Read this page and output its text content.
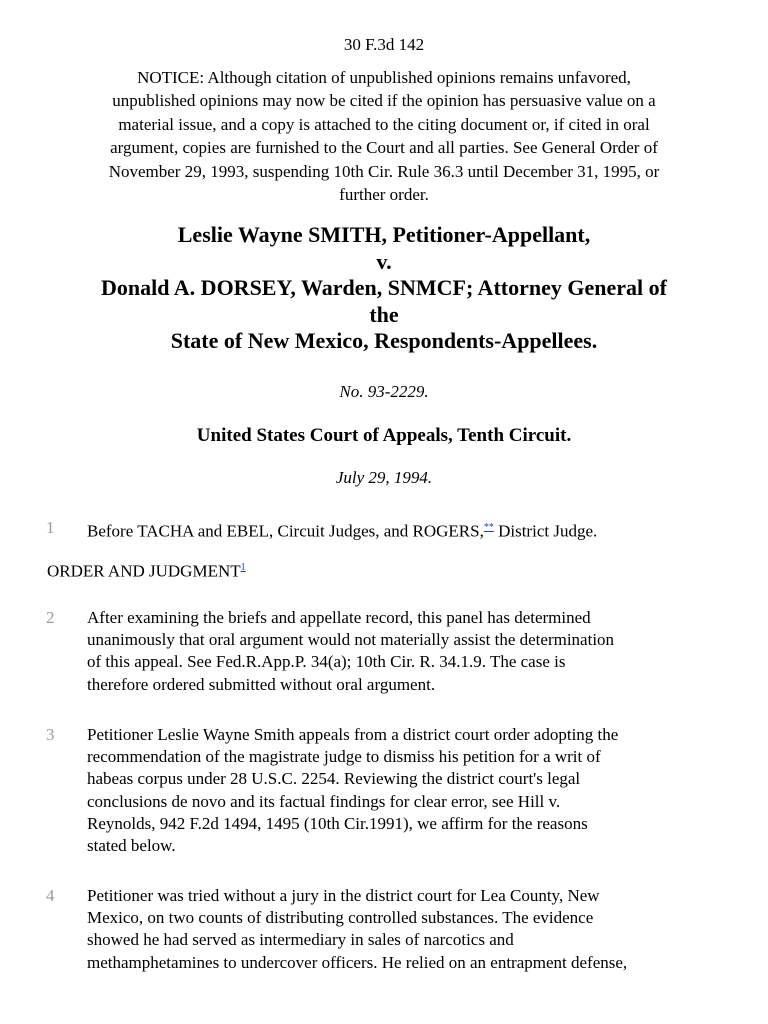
30 F.3d 142
NOTICE: Although citation of unpublished opinions remains unfavored,
unpublished opinions may now be cited if the opinion has persuasive value on a
material issue, and a copy is attached to the citing document or, if cited in oral
argument, copies are furnished to the Court and all parties. See General Order of
November 29, 1993, suspending 10th Cir. Rule 36.3 until December 31, 1995, or
further order.
Leslie Wayne SMITH, Petitioner-Appellant,
v.
Donald A. DORSEY, Warden, SNMCF; Attorney General of
the
State of New Mexico, Respondents-Appellees.
No. 93-2229.
United States Court of Appeals, Tenth Circuit.
July 29, 1994.
1 Before TACHA and EBEL, Circuit Judges, and ROGERS,** District Judge.
ORDER AND JUDGMENT$^1$
2 After examining the briefs and appellate record, this panel has determined
unanimously that oral argument would not materially assist the determination
of this appeal. See Fed.R.App.P. 34(a); 10th Cir. R. 34.1.9. The case is
therefore ordered submitted without oral argument.
3 Petitioner Leslie Wayne Smith appeals from a district court order adopting the
recommendation of the magistrate judge to dismiss his petition for a writ of
habeas corpus under 28 U.S.C. 2254. Reviewing the district court's legal
conclusions de novo and its factual findings for clear error, see Hill v.
Reynolds, 942 F.2d 1494, 1495 (10th Cir.1991), we affirm for the reasons
stated below.
4 Petitioner was tried without a jury in the district court for Lea County, New
Mexico, on two counts of distributing controlled substances. The evidence
showed he had served as intermediary in sales of narcotics and
methamphetamines to undercover officers. He relied on an entrapment defense,
